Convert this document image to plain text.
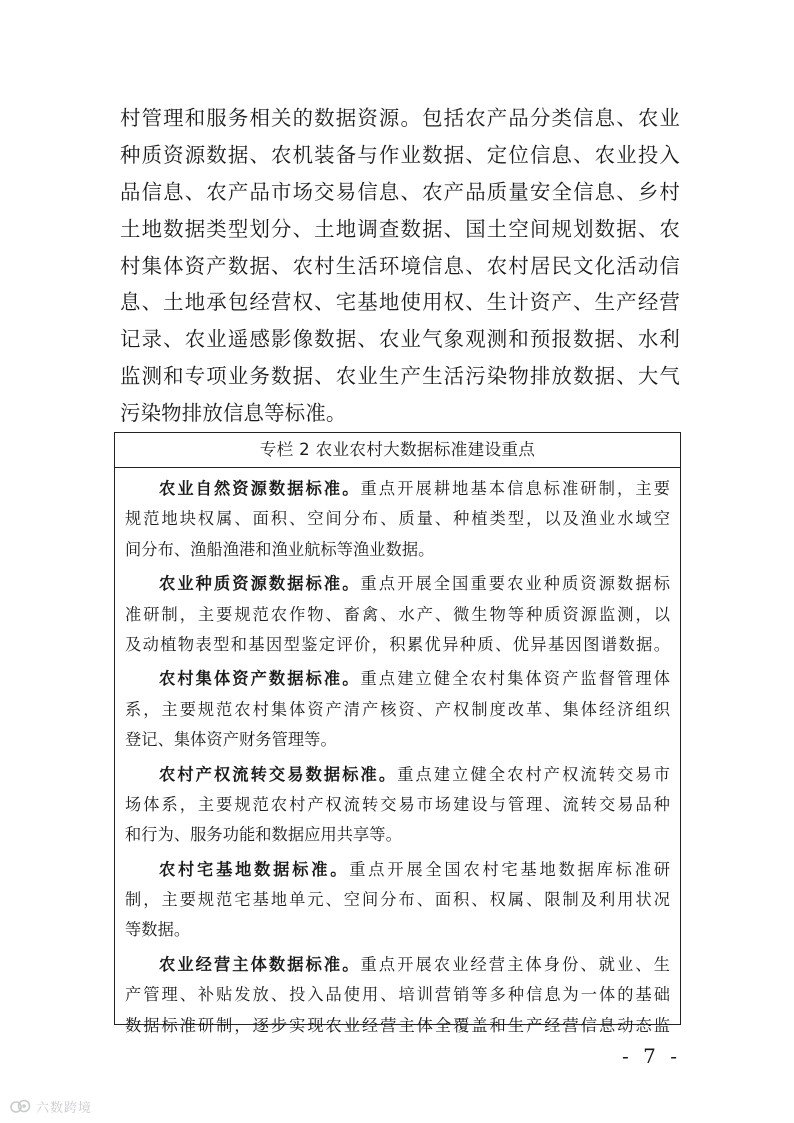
村管理和服务相关的数据资源。包括农产品分类信息、农业
种质资源数据、农机装备与作业数据、定位信息、农业投入
品信息、农产品市场交易信息、农产品质量安全信息、乡村
土地数据类型划分、土地调查数据、国土空间规划数据、农
村集体资产数据、农村生活环境信息、农村居民文化活动信
息、土地承包经营权、宅基地使用权、生计资产、生产经营
记录、农业遥感影像数据、农业气象观测和预报数据、水利
监测和专项业务数据、农业生产生活污染物排放数据、大气
污染物排放信息等标准。
专栏 2 农业农村大数据标准建设重点
农业自然资源数据标准。重点开展耕地基本信息标准研制，主要
规范地块权属、面积、空间分布、质量、种植类型，以及渔业水域空
间分布、渔船渔港和渔业航标等渔业数据。
农业种质资源数据标准。重点开展全国重要农业种质资源数据标
准研制，主要规范农作物、畜禽、水产、微生物等种质资源监测，以
及动植物表型和基因型鉴定评价，积累优异种质、优异基因图谱数据。
农村集体资产数据标准。重点建立健全农村集体资产监督管理体
系，主要规范农村集体资产清产核资、产权制度改革、集体经济组织
登记、集体资产财务管理等。
农村产权流转交易数据标准。重点建立健全农村产权流转交易市
场体系，主要规范农村产权流转交易市场建设与管理、流转交易品种
和行为、服务功能和数据应用共享等。
农村宅基地数据标准。重点开展全国农村宅基地数据库标准研
制，主要规范宅基地单元、空间分布、面积、权属、限制及利用状况
等数据。
农业经营主体数据标准。重点开展农业经营主体身份、就业、生
产管理、补贴发放、投入品使用、培训营销等多种信息为一体的基础
数据标准研制，逐步实现农业经营主体全覆盖和生产经营信息动态监
- 7 -
六数跨境
